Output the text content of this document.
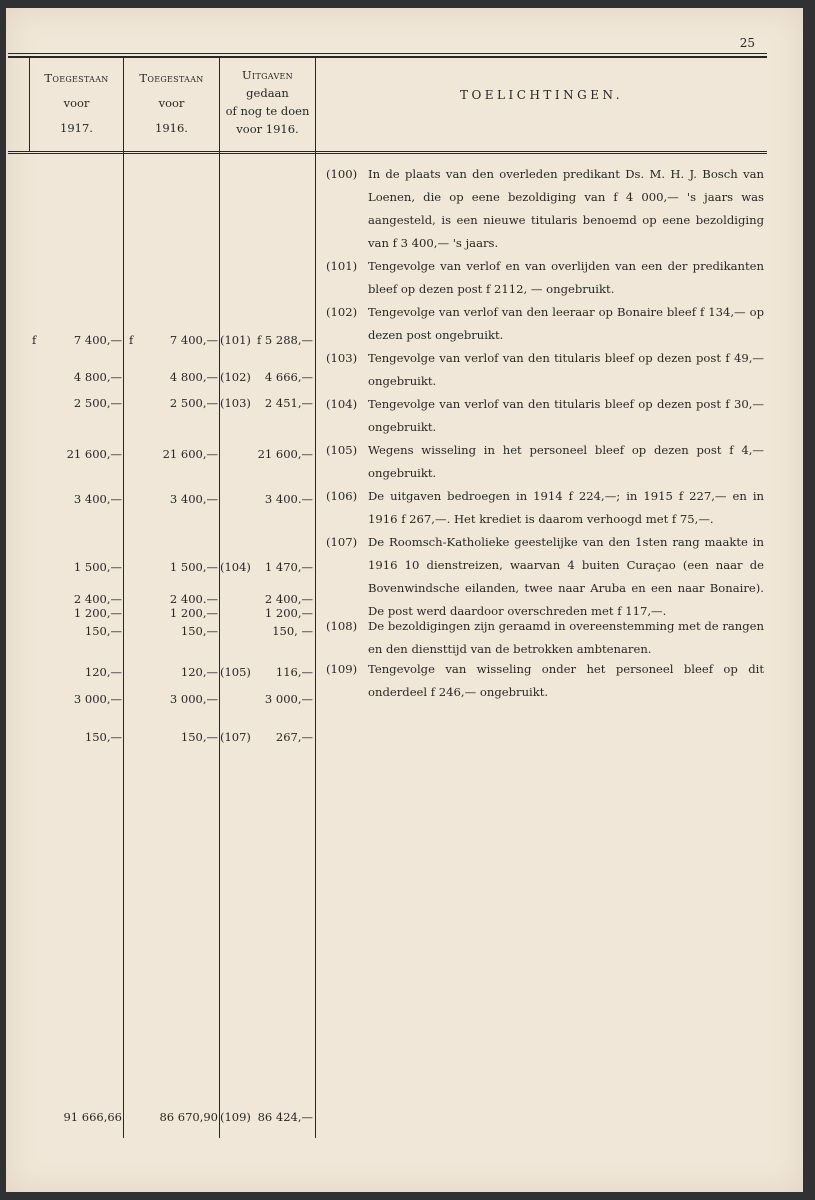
25
Toegestaan
voor
1917.
Toegestaan
voor
1916.
Uitgaven
gedaan
of nog te doen
voor 1916.
TOELICHTINGEN.
f	f
7 400,—	7 400,— (101) f 5 288,—
4 800,—	4 800,— (102) 4 666,—
2 500,—	2 500,— (103) 2 451,—
21 600,—	21 600,—	21 600,—
3 400,—	3 400,—	3 400.—
1 500,—	1 500,— (104) 1 470,—
2 400,—	2 400.—	2 400,—
1 200,—	1 200,—	1 200,—
150,—	150,—	150, —
120,—	120,— (105) 116,—
3 000,—	3 000,—	3 000,—
150,—	150,— (107) 267,—
91 666,66	86 670,90 (109) 86 424,—
(100) In de plaats van den overleden predikant Ds. M. H. J. Bosch van Loenen, die op eene bezoldiging van f 4 000,— 's jaars was aangesteld, is een nieuwe titularis benoemd op eene bezoldiging van f 3 400,— 's jaars.
(101) Tengevolge van verlof en van overlijden van een der predikanten bleef op dezen post f 2112, — ongebruikt.
(102) Tengevolge van verlof van den leeraar op Bonaire bleef f 134,— op dezen post ongebruikt.
(103) Tengevolge van verlof van den titularis bleef op dezen post f 49,— ongebruikt.
(104) Tengevolge van verlof van den titularis bleef op dezen post f 30,— ongebruikt.
(105) Wegens wisseling in het personeel bleef op dezen post f 4,— ongebruikt.
(106) De uitgaven bedroegen in 1914 f 224,—; in 1915 f 227,— en in 1916 f 267,—. Het krediet is daarom verhoogd met f 75,—.
(107) De Roomsch-Katholieke geestelijke van den 1sten rang maakte in 1916 10 dienstreizen, waarvan 4 buiten Curaçao (een naar de Bovenwindsche eilanden, twee naar Aruba en een naar Bonaire). De post werd daardoor overschreden met f 117,—.
(108) De bezoldigingen zijn geraamd in overeenstemming met de rangen en den diensttijd van de betrokken ambtenaren.
(109) Tengevolge van wisseling onder het personeel bleef op dit onderdeel f 246,— ongebruikt.
